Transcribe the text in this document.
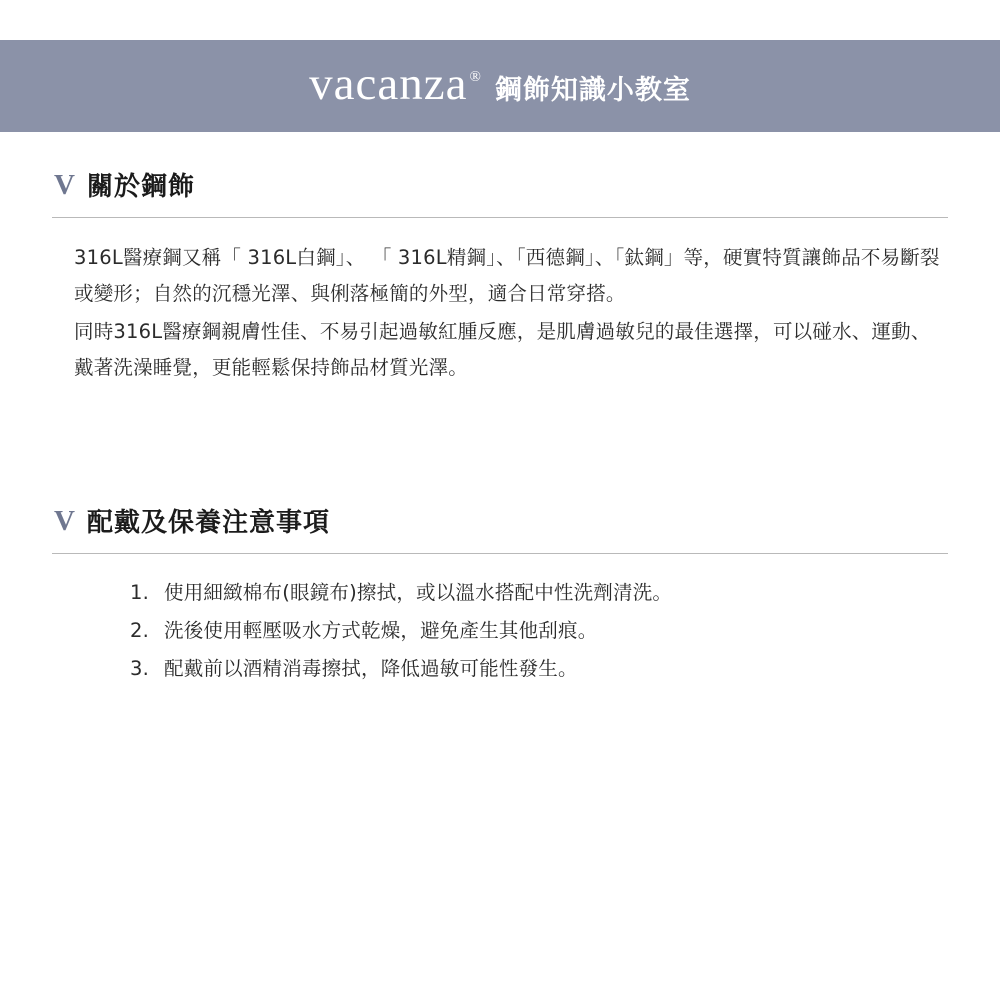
vacanza ® 鋼飾知識小教室
V 關於鋼飾

316L醫療鋼又稱「 316L白鋼」、 「 316L精鋼」、「西德鋼」、「鈦鋼」等，硬實特質讓飾品不易斷裂或變形；自然的沉穩光澤、與俐落極簡的外型，適合日常穿搭。

同時316L醫療鋼親膚性佳、不易引起過敏紅腫反應，是肌膚過敏兒的最佳選擇，可以碰水、運動、戴著洗澡睡覺，更能輕鬆保持飾品材質光澤。

V 配戴及保養注意事項
1. 使用細緻棉布(眼鏡布)擦拭，或以溫水搭配中性洗劑清洗。
2. 洗後使用輕壓吸水方式乾燥，避免產生其他刮痕。
3. 配戴前以酒精消毒擦拭，降低過敏可能性發生。
